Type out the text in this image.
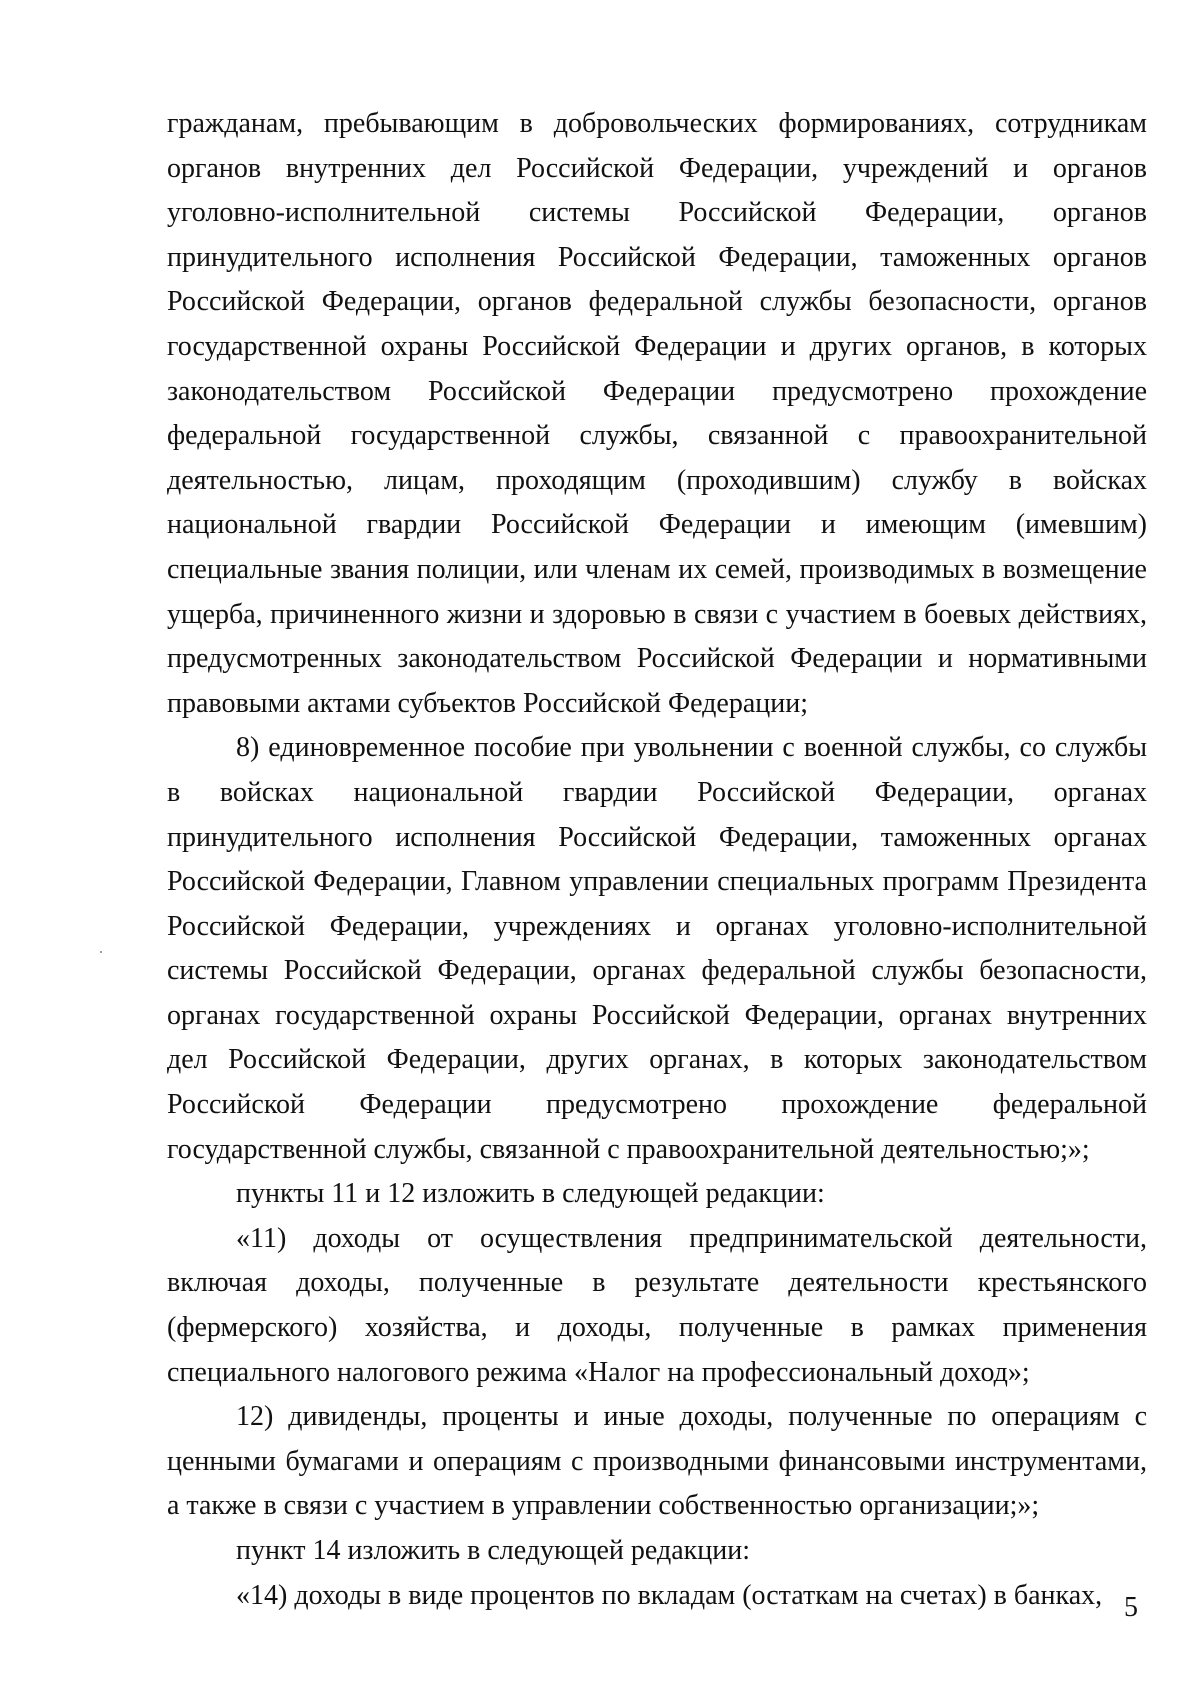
гражданам, пребывающим в добровольческих формированиях, сотрудникам органов внутренних дел Российской Федерации, учреждений и органов уголовно-исполнительной системы Российской Федерации, органов принудительного исполнения Российской Федерации, таможенных органов Российской Федерации, органов федеральной службы безопасности, органов государственной охраны Российской Федерации и других органов, в которых законодательством Российской Федерации предусмотрено прохождение федеральной государственной службы, связанной с правоохранительной деятельностью, лицам, проходящим (проходившим) службу в войсках национальной гвардии Российской Федерации и имеющим (имевшим) специальные звания полиции, или членам их семей, производимых в возмещение ущерба, причиненного жизни и здоровью в связи с участием в боевых действиях, предусмотренных законодательством Российской Федерации и нормативными правовыми актами субъектов Российской Федерации;

8) единовременное пособие при увольнении с военной службы, со службы в войсках национальной гвардии Российской Федерации, органах принудительного исполнения Российской Федерации, таможенных органах Российской Федерации, Главном управлении специальных программ Президента Российской Федерации, учреждениях и органах уголовно-исполнительной системы Российской Федерации, органах федеральной службы безопасности, органах государственной охраны Российской Федерации, органах внутренних дел Российской Федерации, других органах, в которых законодательством Российской Федерации предусмотрено прохождение федеральной государственной службы, связанной с правоохранительной деятельностью;»;

пункты 11 и 12 изложить в следующей редакции:

«11) доходы от осуществления предпринимательской деятельности, включая доходы, полученные в результате деятельности крестьянского (фермерского) хозяйства, и доходы, полученные в рамках применения специального налогового режима «Налог на профессиональный доход»;

12) дивиденды, проценты и иные доходы, полученные по операциям с ценными бумагами и операциям с производными финансовыми инструментами, а также в связи с участием в управлении собственностью организации;»;

пункт 14 изложить в следующей редакции:

«14) доходы в виде процентов по вкладам (остаткам на счетах) в банках, 5
